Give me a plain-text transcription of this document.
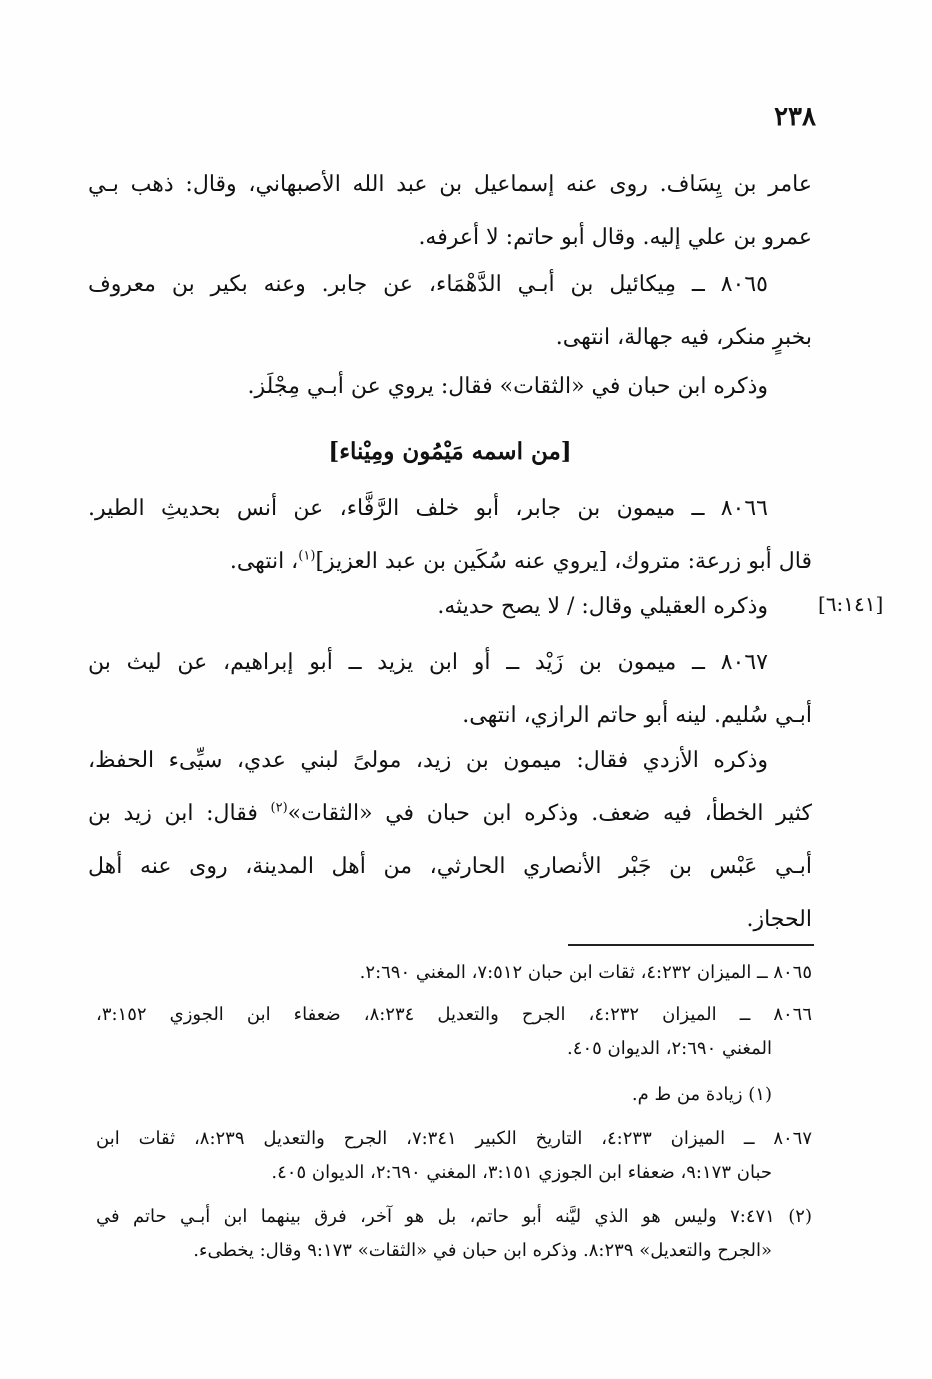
٢٣٨

عامر بن يِسَاف. روى عنه إسماعيل بن عبد الله الأصبهاني، وقال: ذهب بـي

عمرو بن علي إليه. وقال أبو حاتم: لا أعرفه.

٨٠٦٥ ــ مِيكائيل بن أبـي الدَّهْمَاء، عن جابر. وعنه بكير بن معروف

بخبرٍ منكر، فيه جهالة، انتهى.

وذكره ابن حبان في «الثقات» فقال: يروي عن أبـي مِجْلَز.

[من اسمه مَيْمُون ومِيْناء]

٨٠٦٦ ــ ميمون بن جابر، أبو خلف الرَّفَّاء، عن أنس بحديثِ الطير.

قال أبو زرعة: متروك، [يروي عنه سُكَين بن عبد العزيز]$^{(١)}$، انتهى.

وذكره العقيلي وقال: / لا يصح حديثه.	[٦:١٤١]

٨٠٦٧ ــ ميمون بن زَيْد ــ أو ابن يزيد ــ أبو إبراهيم، عن ليث بن

أبـي سُليم. لينه أبو حاتم الرازي، انتهى.

وذكره الأزدي فقال: ميمون بن زيد، مولىً لبني عدي، سيِّىء الحفظ،

كثير الخطأ، فيه ضعف. وذكره ابن حبان في «الثقات»$^{(٢)}$ فقال: ابن زيد بن

أبـي عَبْس بن جَبْر الأنصاري الحارثي، من أهل المدينة، روى عنه أهل

الحجاز.

٨٠٦٥ ــ الميزان ٤:٢٣٢، ثقات ابن حبان ٧:٥١٢، المغني ٢:٦٩٠.
٨٠٦٦ ــ الميزان ٤:٢٣٢، الجرح والتعديل ٨:٢٣٤، ضعفاء ابن الجوزي ٣:١٥٢،
المغني ٢:٦٩٠، الديوان ٤٠٥.
(١) زيادة من ط م.
٨٠٦٧ ــ الميزان ٤:٢٣٣، التاريخ الكبير ٧:٣٤١، الجرح والتعديل ٨:٢٣٩، ثقات ابن
حبان ٩:١٧٣، ضعفاء ابن الجوزي ٣:١٥١، المغني ٢:٦٩٠، الديوان ٤٠٥.
(٢) ٧:٤٧١ وليس هو الذي ليَّنه أبو حاتم، بل هو آخر، فرق بينهما ابن أبـي حاتم في
«الجرح والتعديل» ٨:٢٣٩. وذكره ابن حبان في «الثقات» ٩:١٧٣ وقال: يخطىء.
